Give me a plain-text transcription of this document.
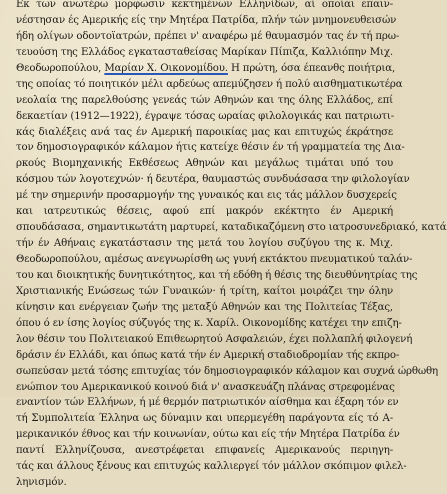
Εκ των ανωτέρω μορφωσιν κεκτημένων Ελληνίδων, αί οποίαι επαιν-
νέστησαν ές Αμερικής είς την Μητέρα Πατρίδα, πλήν τών μνημονευθεισών
ήδη ολίγων οδοντοϊατρών, πρέπει ν' αναφέρω μέ θαυμασμόν τας έν τή πρω-
τευούση της Ελλάδος εγκατασταθείσας Μαρίκαν Πίπιζα, Καλλιόπην Μιχ.
Θεοδωροπούλου, Μαρίαν Χ. Οικονομίδου. Η πρώτη, όσα έπεανθς ποιήτρια,
της οποίας τό ποιητικόν μέλι αρδεύως απεμύζησεν ή πολύ αισθηματικωτέρα
νεολαία της παρελθούσης γενεάς τών Αθηνών και της όλης Ελλάδος, επί
δεκαετίαν (1912—1922), έγραψε τόσας ωραίας φιλολογικάς και πατριωτι-
κάς διαλέξεις ανά τας έν Αμερική παροικίας μας και επιτυχώς έκράτησε
τον δημοσιογραφικόν κάλαμον ήτις κατείχε θέσιν έν τή γραμματεία της Δια-
ρκούς Βιομηχανικής Εκθέσεως Αθηνών και μεγάλως τιμάται υπό του
κόσμου τών λογοτεχνών· ή δευτέρα, θαυμαστώς συνδυάσασα την φιλολογίαν
μέ την σημερινήν προσαρμογήν της γυναικός και εις τάς μάλλον δυσχερείς
και ιατρευτικώς θέσεις, αφού επί μακρόν εκέκτητο έν Αμερική
σπουδάσασα, σημαντικωτάτη μαρτυρεί, καταδικαζόμενη στο ιατροσυνεδριακό, κατά
τήν έν Αθήναις εγκατάστασιν της μετά του λογίου συζύγου της κ. Μιχ.
Θεοδωροπούλου, αμέσως ανεγνωρίσθη ως γυνή εκτάκτου πνευματικού ταλάν-
του και διοικητικής δυνητικότητος, και τή εδόθη ή θέσις της διευθύνητρίας της
Χριστιανικής Ενώσεως τών Γυναικών· ή τρίτη, καίτοι μοιράζει την όλην
κίνησιν και ενέργειαν ζωήν της μεταξύ Αθηνών και της Πολιτείας Τέξας,
όπου ό εν ίσης λογίος σύζυγός της κ. Χαρίλ. Οικονομίδης κατέχει την επιζη-
λον θέσιν του Πολιτειακού Επιθεωρητού Ασφαλειών, έχει πολλαπλή φιλογενή
δράσιν έν Ελλάδι, και όπως κατά τήν έν Αμερική σταδιοδρομίαν τής εκπρο-
σωπεύσαν μετά τόσης επιτυχίας τόν δημοσιογραφικόν κάλαμον και συχνά ώρθωθη
ενώπιον του Αμερικανικού κοινού διά ν' ανασκευάζη πλάνας στρεφομένας
εναντίον τών Ελλήνων, ή μέ θερμόν πατριωτικόν αίσθημα και έξαρη τόν εν
τή Συμπολιτεία Έλληνα ως δύναμιν και υπερμεγέθη παράγοντα είς τό Α-
μερικανικόν έθνος και τήν κοινωνίαν, ούτω και είς τήν Μητέρα Πατρίδα έν
παντί Ελληνίζουσα, ανεστρέφεται επιφανείς Αμερικανούς περιηγη-
τάς και άλλους ξένους και επιτυχώς καλλιεργεί τόν μάλλον σκόπιμον φιλελ-
ληνισμόν.
